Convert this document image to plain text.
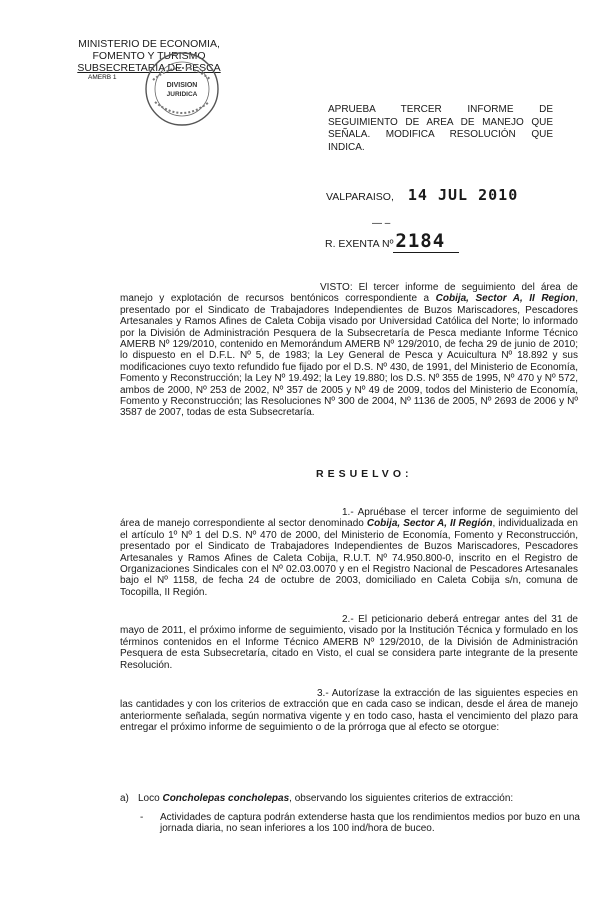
MINISTERIO DE ECONOMIA,
FOMENTO Y TURISMO
SUBSECRETARIA DE PESCA
AMERB 1
DIVISION
JURIDICA
APRUEBA TERCER INFORME DE SEGUIMIENTO DE AREA DE MANEJO QUE SEÑALA. MODIFICA RESOLUCIÓN QUE INDICA.
VALPARAISO, 14 JUL 2010
— –
R. EXENTA Nº 2184
VISTO: El tercer informe de seguimiento del área de manejo y explotación de recursos bentónicos correspondiente a Cobija, Sector A, II Region, presentado por el Sindicato de Trabajadores Independientes de Buzos Mariscadores, Pescadores Artesanales y Ramos Afines de Caleta Cobija visado por Universidad Católica del Norte; lo informado por la División de Administración Pesquera de la Subsecretaría de Pesca mediante Informe Técnico AMERB Nº 129/2010, contenido en Memorándum AMERB Nº 129/2010, de fecha 29 de junio de 2010; lo dispuesto en el D.F.L. Nº 5, de 1983; la Ley General de Pesca y Acuicultura Nº 18.892 y sus modificaciones cuyo texto refundido fue fijado por el D.S. Nº 430, de 1991, del Ministerio de Economía, Fomento y Reconstrucción; la Ley Nº 19.492; la Ley 19.880; los D.S. Nº 355 de 1995, Nº 470 y Nº 572, ambos de 2000, Nº 253 de 2002, Nº 357 de 2005 y Nº 49 de 2009, todos del Ministerio de Economía, Fomento y Reconstrucción; las Resoluciones Nº 300 de 2004, Nº 1136 de 2005, Nº 2693 de 2006 y Nº 3587 de 2007, todas de esta Subsecretaría.
RESUELVO:
1.- Apruébase el tercer informe de seguimiento del área de manejo correspondiente al sector denominado Cobija, Sector A, II Región, individualizada en el artículo 1º Nº 1 del D.S. Nº 470 de 2000, del Ministerio de Economía, Fomento y Reconstrucción, presentado por el Sindicato de Trabajadores Independientes de Buzos Mariscadores, Pescadores Artesanales y Ramos Afines de Caleta Cobija, R.U.T. Nº 74.950.800-0, inscrito en el Registro de Organizaciones Sindicales con el Nº 02.03.0070 y en el Registro Nacional de Pescadores Artesanales bajo el Nº 1158, de fecha 24 de octubre de 2003, domiciliado en Caleta Cobija s/n, comuna de Tocopilla, II Región.
2.- El peticionario deberá entregar antes del 31 de mayo de 2011, el próximo informe de seguimiento, visado por la Institución Técnica y formulado en los términos contenidos en el Informe Técnico AMERB Nº 129/2010, de la División de Administración Pesquera de esta Subsecretaría, citado en Visto, el cual se considera parte integrante de la presente Resolución.
3.- Autorízase la extracción de las siguientes especies en las cantidades y con los criterios de extracción que en cada caso se indican, desde el área de manejo anteriormente señalada, según normativa vigente y en todo caso, hasta el vencimiento del plazo para entregar el próximo informe de seguimiento o de la prórroga que al efecto se otorgue:
a) Loco Concholepas concholepas, observando los siguientes criterios de extracción:
- Actividades de captura podrán extenderse hasta que los rendimientos medios por buzo en una jornada diaria, no sean inferiores a los 100 ind/hora de buceo.
